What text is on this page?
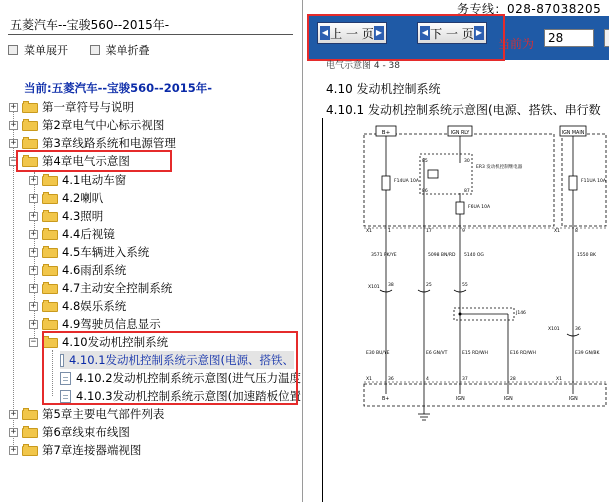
五菱汽车--宝骏560--2015年-
菜单展开
	菜单折叠
当前:五菱汽车--宝骏560--2015年-
+ 第一章符号与说明
+ 第2章电气中心标示视图
+ 第3章线路系统和电源管理
− 第4章电气示意图
+ 4.1电动车窗
+ 4.2喇叭
+ 4.3照明
+ 4.4后视镜
+ 4.5车辆进入系统
+ 4.6雨刮系统
+ 4.7主动安全控制系统
+ 4.8娱乐系统
+ 4.9驾驶员信息显示
− 4.10发动机控制系统
4.10.1发动机控制系统示意图(电源、搭铁、
4.10.2发动机控制系统示意图(进气压力温度
4.10.3发动机控制系统示意图(加速踏板位置
+ 第5章主要电气部件列表
+ 第6章线束布线图
+ 第7章连接器端视图
务专线：028-87038205
◀ 上 一 页 ▶	◀ 下 一 页 ▶
当前为
28
电气示意图 4 - 38
4.10 发动机控制系统
4.10.1 发动机控制系统示意图(电源、搭铁、串行数
B+	IGN RLY	IGN MAIN
F14UA 10A
F6UA 10A
F11UA 10A
85	30
86	87
ER3 发动机控制继电器
X1	1	17	9	X1	8
3571 PK/YE	5098 BN/RD 5140 OG	1550 BK
X101 38	25	55
J146
X101	36
E30 BU/YE	E6 GN/VT	E15 RD/WH	E16 RD/WH	E39 GN/BK
X1	36	4	37	28	X1
B+	IGN	IGN	IGN
